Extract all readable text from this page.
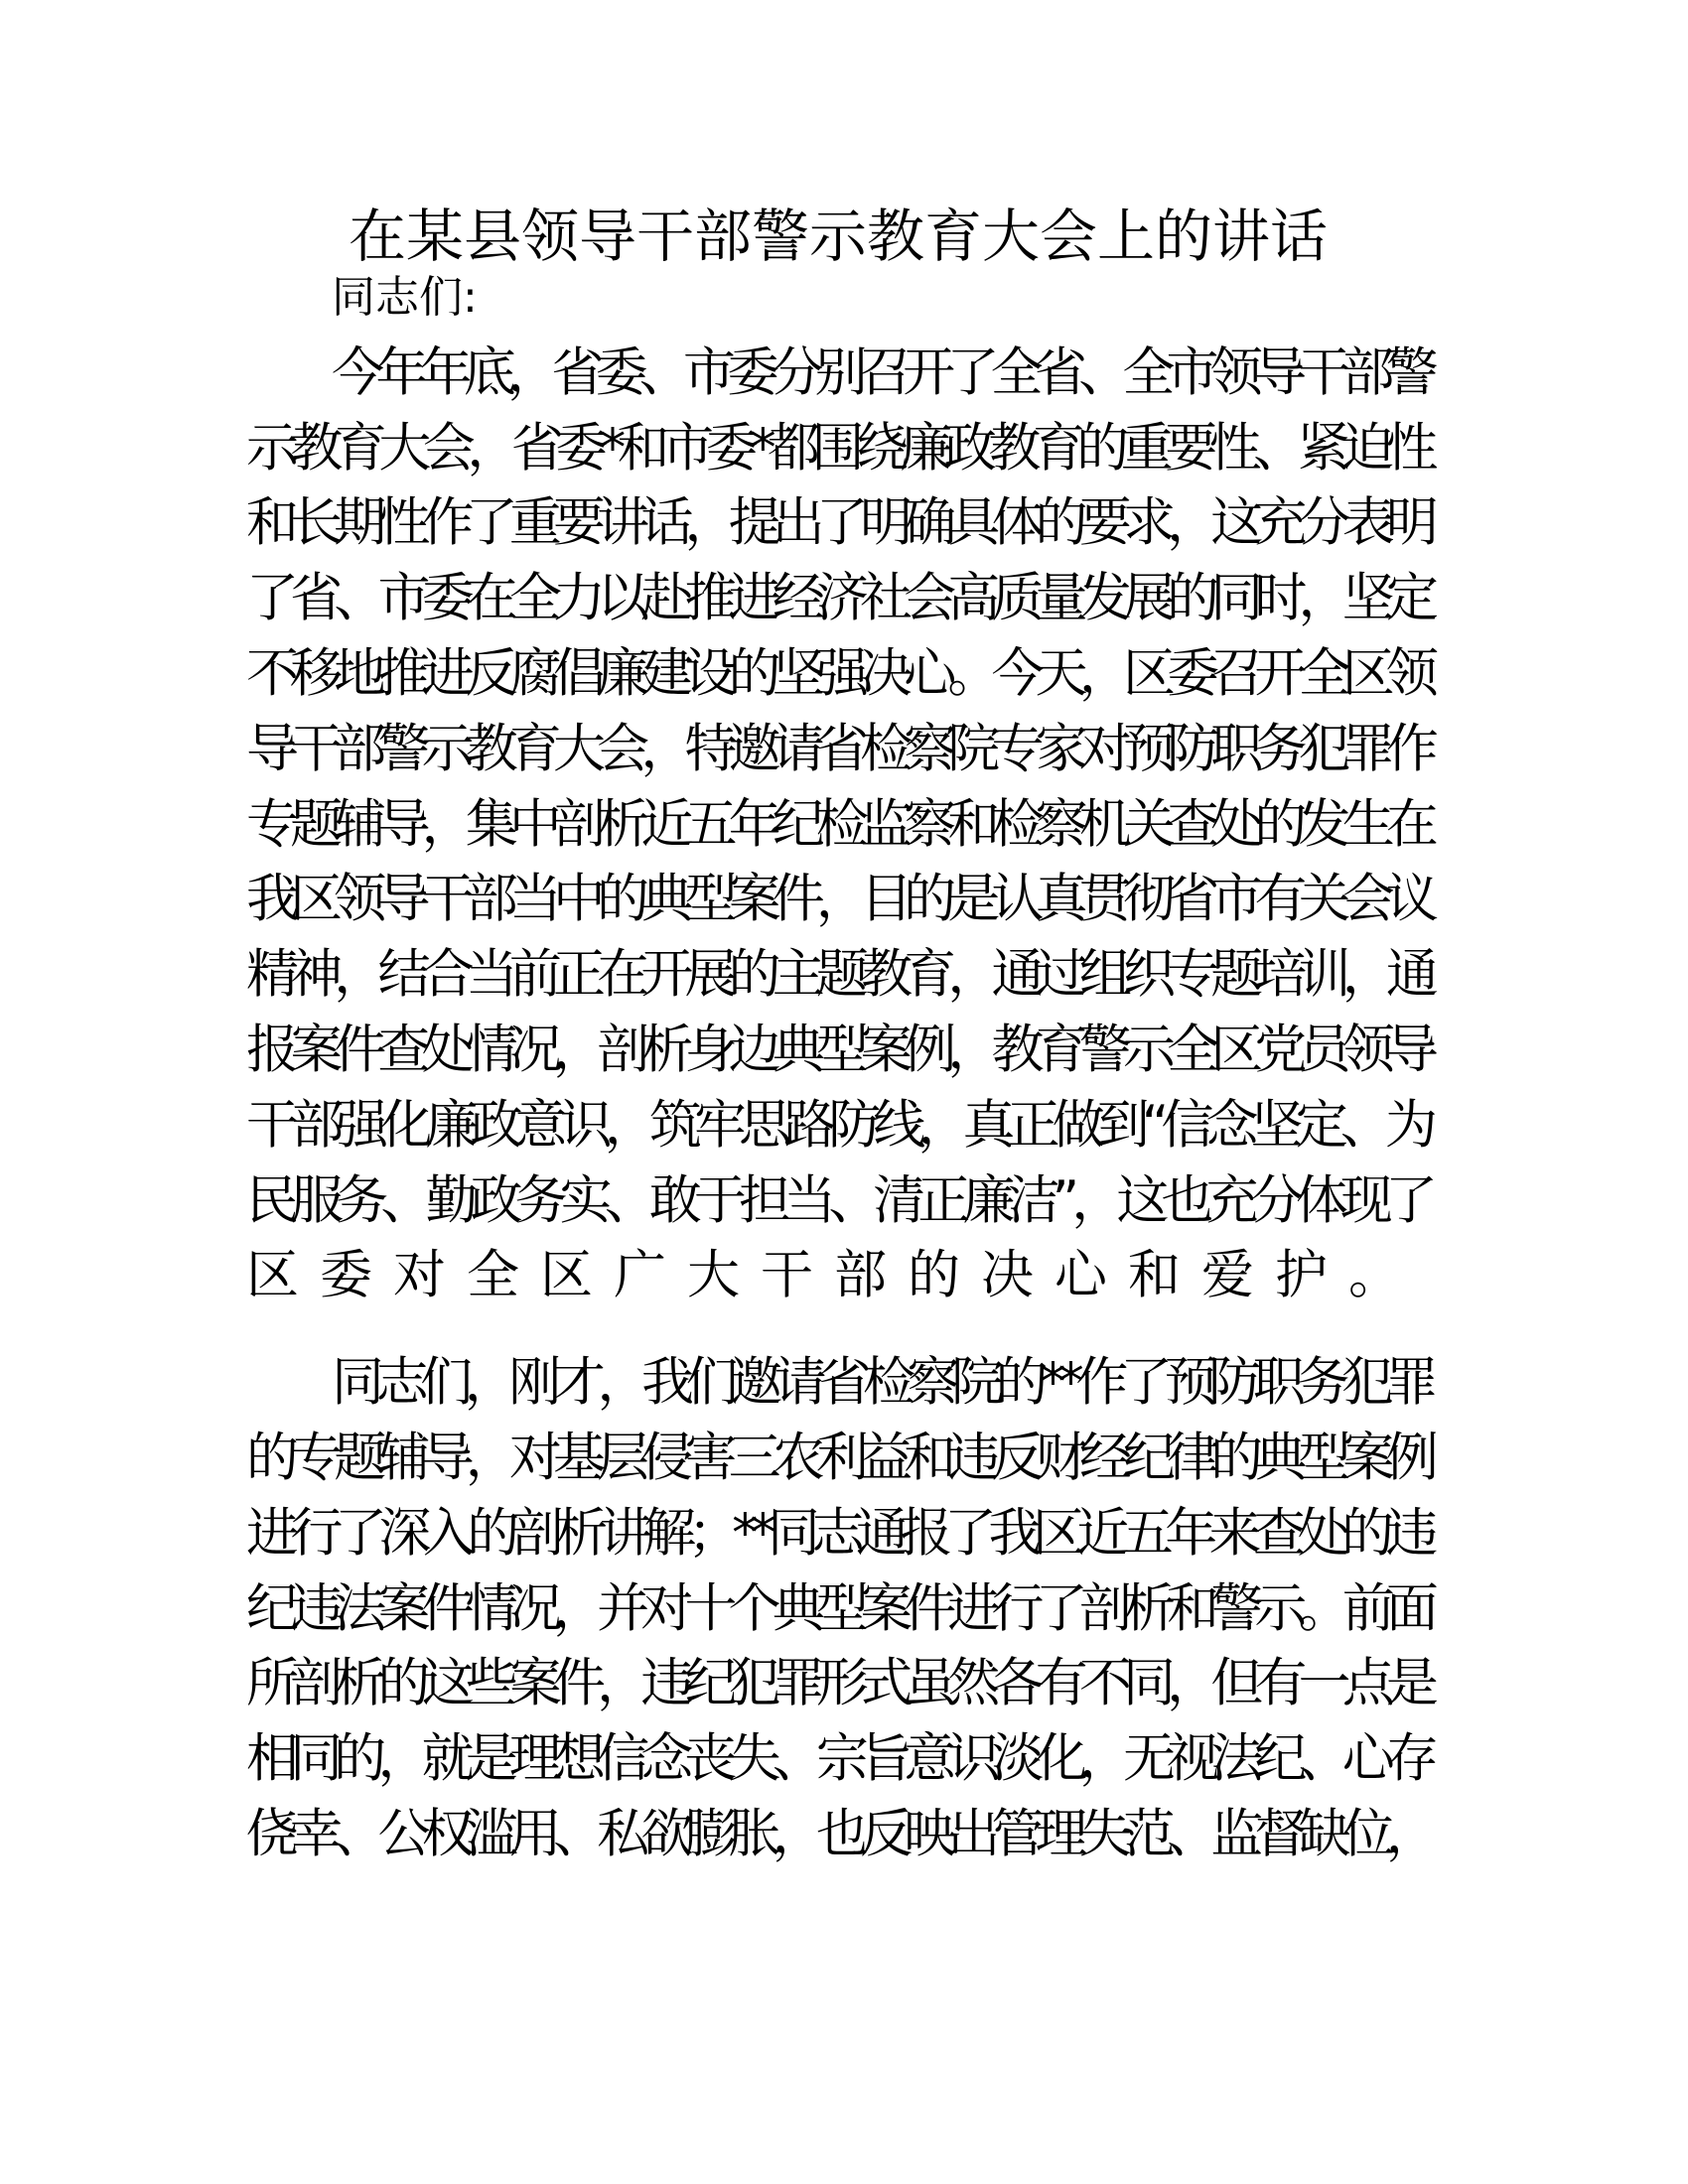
在某县领导干部警示教育大会上的讲话
同志们:
今年年底，省委、市委分别召开了全省、全市领导干部警
示教育大会，省委*和市委*都围绕廉政教育的重要性、紧迫性
和长期性作了重要讲话，提出了明确具体的要求，这充分表明
了省、市委在全力以赴推进经济社会高质量发展的同时，坚定
不移地推进反腐倡廉建设的坚强决心。今天，区委召开全区领
导干部警示教育大会，特邀请省检察院专家对预防职务犯罪作
专题辅导，集中剖析近五年纪检监察和检察机关查处的发生在
我区领导干部当中的典型案件，目的是认真贯彻省市有关会议
精神，结合当前正在开展的主题教育，通过组织专题培训，通
报案件查处情况，剖析身边典型案例，教育警示全区党员领导
干部强化廉政意识，筑牢思路防线，真正做到“信念坚定、为
民服务、勤政务实、敢于担当、清正廉洁”，这也充分体现了
区委对全区广大干部的决心和爱护。
同志们，刚才，我们邀请省检察院的**作了预防职务犯罪
的专题辅导，对基层侵害三农利益和违反财经纪律的典型案例
进行了深入的剖析讲解；**同志通报了我区近五年来查处的违
纪违法案件情况，并对十个典型案件进行了剖析和警示。前面
所剖析的这些案件，违纪犯罪形式虽然各有不同，但有一点是
相同的，就是理想信念丧失、宗旨意识淡化，无视法纪、心存
侥幸、公权滥用、私欲膨胀，也反映出管理失范、监督缺位，
